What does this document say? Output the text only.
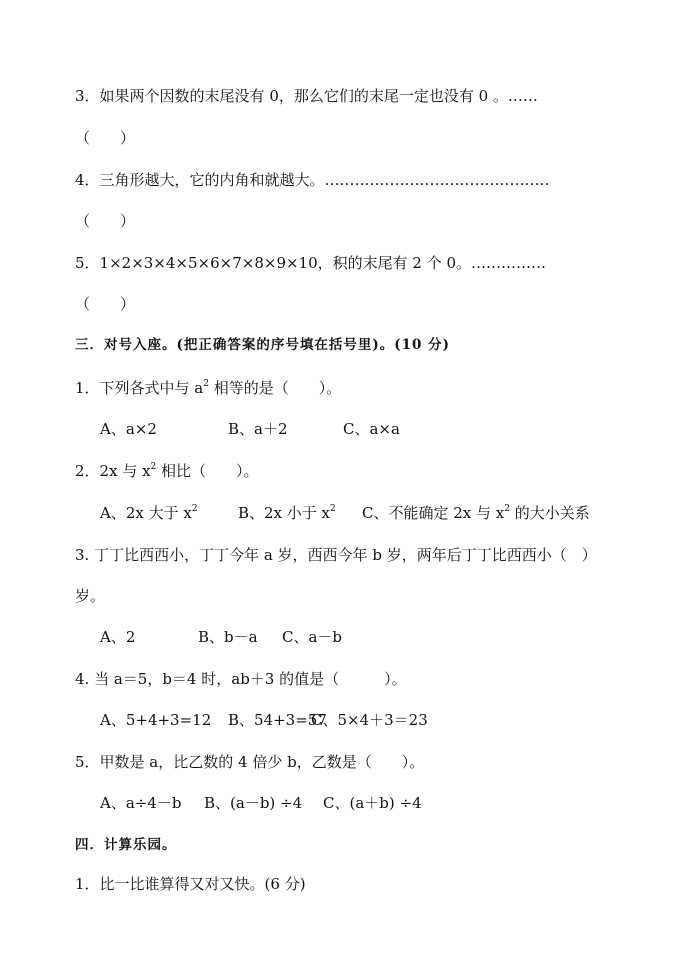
3．如果两个因数的末尾没有 0，那么它们的末尾一定也没有 0 。……
（　　）
4．三角形越大，它的内角和就越大。………………………………………
（　　）
5．1×2×3×4×5×6×7×8×9×10，积的末尾有 2 个 0。……………
（　　）
三．对号入座。(把正确答案的序号填在括号里)。(10 分)
1．下列各式中与 $a^2$ 相等的是（　　）。
A、a×2	B、a＋2	C、a×a
2．2x 与 $x^2$ 相比（　　）。
A、2x 大于 $x^2$	B、2x 小于 $x^2$ C、不能确定 2x 与 $x^2$ 的大小关系
3. 丁丁比西西小，丁丁今年 a 岁，西西今年 b 岁，两年后丁丁比西西小（　）
岁。
A、2	B、b－a C、a－b
4. 当 a＝5，b＝4 时，ab＋3 的值是（　　　）。
A、5+4+3=12 B、54+3=57
C、5×4＋3＝23
5．甲数是 a，比乙数的 4 倍少 b，乙数是（　　）。
A、a÷4－b B、(a－b) ÷4 C、(a＋b) ÷4
四．计算乐园。
1．比一比谁算得又对又快。(6 分)
